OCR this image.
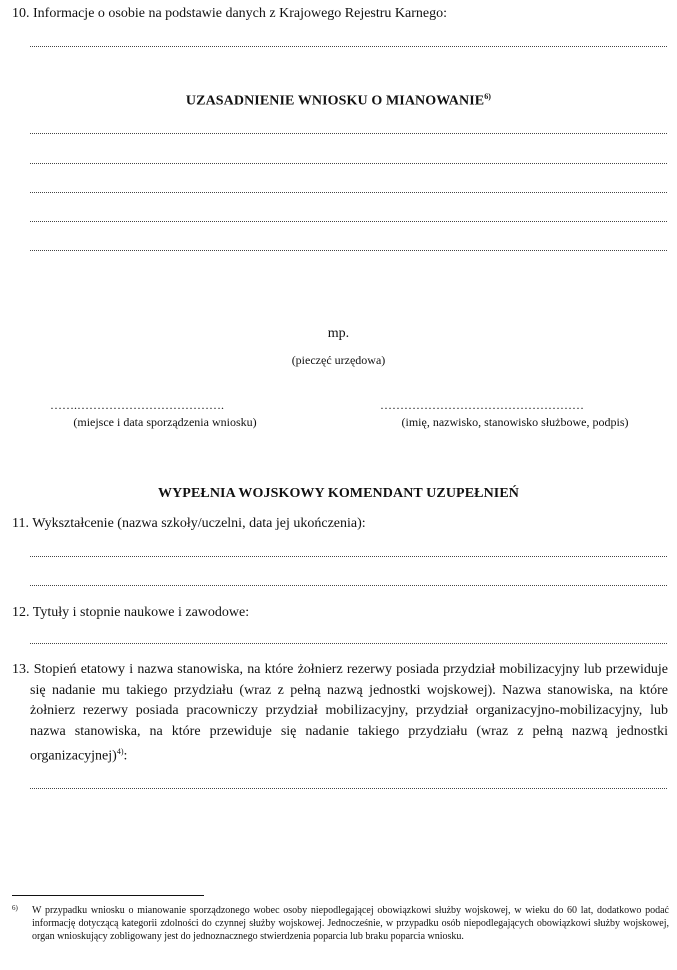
10. Informacje o osobie na podstawie danych z Krajowego Rejestru Karnego:
UZASADNIENIE WNIOSKU O MIANOWANIE$^{6)}$
mp.
(pieczęć urzędowa)
…….……………………………….
(miejsce i data sporządzenia wniosku)
……………………………………………
(imię, nazwisko, stanowisko służbowe, podpis)
WYPEŁNIA WOJSKOWY KOMENDANT UZUPEŁNIEŃ
11. Wykształcenie (nazwa szkoły/uczelni, data jej ukończenia):
12. Tytuły i stopnie naukowe i zawodowe:
13. Stopień etatowy i nazwa stanowiska, na które żołnierz rezerwy posiada przydział mobilizacyjny lub przewiduje się nadanie mu takiego przydziału (wraz z pełną nazwą jednostki wojskowej). Nazwa stanowiska, na które żołnierz rezerwy posiada pracowniczy przydział mobilizacyjny, przydział organizacyjno-mobilizacyjny, lub nazwa stanowiska, na które przewiduje się nadanie takiego przydziału (wraz z pełną nazwą jednostki organizacyjnej)$^{4)}$:
6) W przypadku wniosku o mianowanie sporządzonego wobec osoby niepodlegającej obowiązkowi służby wojskowej, w wieku do 60 lat, dodatkowo podać informację dotyczącą kategorii zdolności do czynnej służby wojskowej. Jednocześnie, w przypadku osób niepodlegających obowiązkowi służby wojskowej, organ wnioskujący zobligowany jest do jednoznacznego stwierdzenia poparcia lub braku poparcia wniosku.
